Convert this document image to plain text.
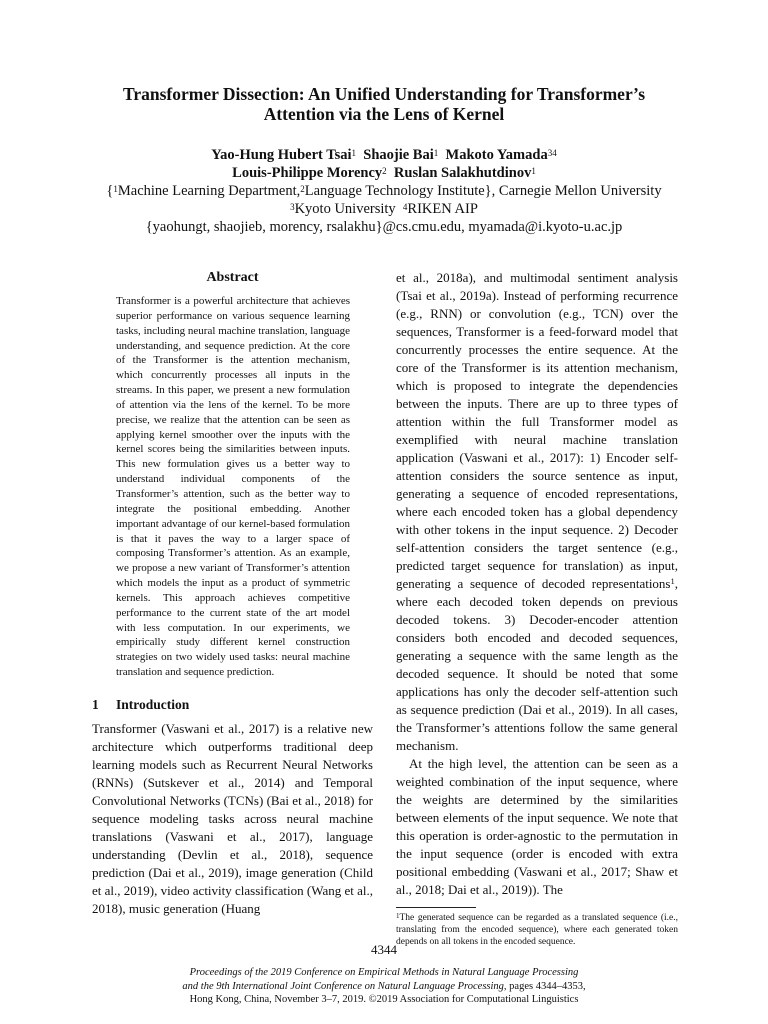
Transformer Dissection: An Unified Understanding for Transformer’s
Attention via the Lens of Kernel
Yao-Hung Hubert Tsai$^1$ Shaojie Bai$^1$ Makoto Yamada$^{34}$
Louis-Philippe Morency$^2$ Ruslan Salakhutdinov$^1$
{$^1$Machine Learning Department,$^2$Language Technology Institute}, Carnegie Mellon University
$^3$Kyoto University $^4$RIKEN AIP
{yaohungt, shaojieb, morency, rsalakhu}@cs.cmu.edu, myamada@i.kyoto-u.ac.jp
Abstract

Transformer is a powerful architecture that achieves superior performance on various sequence learning tasks, including neural machine translation, language understanding, and sequence prediction. At the core of the Transformer is the attention mechanism, which concurrently processes all inputs in the streams. In this paper, we present a new formulation of attention via the lens of the kernel. To be more precise, we realize that the attention can be seen as applying kernel smoother over the inputs with the kernel scores being the similarities between inputs. This new formulation gives us a better way to understand individual components of the Transformer’s attention, such as the better way to integrate the positional embedding. Another important advantage of our kernel-based formulation is that it paves the way to a larger space of composing Transformer’s attention. As an example, we propose a new variant of Transformer’s attention which models the input as a product of symmetric kernels. This approach achieves competitive performance to the current state of the art model with less computation. In our experiments, we empirically study different kernel construction strategies on two widely used tasks: neural machine translation and sequence prediction.

1 Introduction

Transformer (Vaswani et al., 2017) is a relative new architecture which outperforms traditional deep learning models such as Recurrent Neural Networks (RNNs) (Sutskever et al., 2014) and Temporal Convolutional Networks (TCNs) (Bai et al., 2018) for sequence modeling tasks across neural machine translations (Vaswani et al., 2017), language understanding (Devlin et al., 2018), sequence prediction (Dai et al., 2019), image generation (Child et al., 2019), video activity classification (Wang et al., 2018), music generation (Huang

et al., 2018a), and multimodal sentiment analysis (Tsai et al., 2019a). Instead of performing recurrence (e.g., RNN) or convolution (e.g., TCN) over the sequences, Transformer is a feed-forward model that concurrently processes the entire sequence. At the core of the Transformer is its attention mechanism, which is proposed to integrate the dependencies between the inputs. There are up to three types of attention within the full Transformer model as exemplified with neural machine translation application (Vaswani et al., 2017): 1) Encoder self-attention considers the source sentence as input, generating a sequence of encoded representations, where each encoded token has a global dependency with other tokens in the input sequence. 2) Decoder self-attention considers the target sentence (e.g., predicted target sequence for translation) as input, generating a sequence of decoded representations$^1$, where each decoded token depends on previous decoded tokens. 3) Decoder-encoder attention considers both encoded and decoded sequences, generating a sequence with the same length as the decoded sequence. It should be noted that some applications has only the decoder self-attention such as sequence prediction (Dai et al., 2019). In all cases, the Transformer’s attentions follow the same general mechanism.

At the high level, the attention can be seen as a weighted combination of the input sequence, where the weights are determined by the similarities between elements of the input sequence. We note that this operation is order-agnostic to the permutation in the input sequence (order is encoded with extra positional embedding (Vaswani et al., 2017; Shaw et al., 2018; Dai et al., 2019)). The

$^1$The generated sequence can be regarded as a translated sequence (i.e., translating from the encoded sequence), where each generated token depends on all tokens in the encoded sequence.

4344
Proceedings of the 2019 Conference on Empirical Methods in Natural Language Processing
and the 9th International Joint Conference on Natural Language Processing, pages 4344–4353,
Hong Kong, China, November 3–7, 2019. ©2019 Association for Computational Linguistics
